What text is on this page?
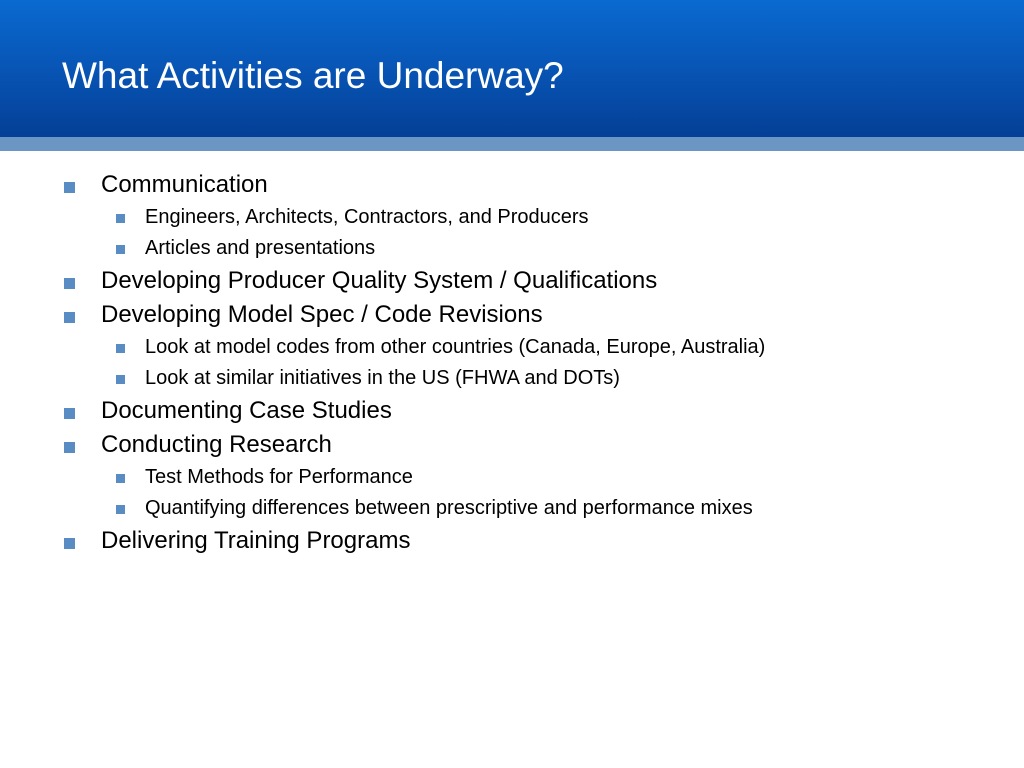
What Activities are Underway?
Communication
Engineers, Architects, Contractors, and Producers
Articles and presentations
Developing Producer Quality System / Qualifications
Developing Model Spec / Code Revisions
Look at model codes from other countries (Canada, Europe, Australia)
Look at similar initiatives in the US (FHWA and DOTs)
Documenting Case Studies
Conducting Research
Test Methods for Performance
Quantifying differences between prescriptive and performance mixes
Delivering Training Programs
